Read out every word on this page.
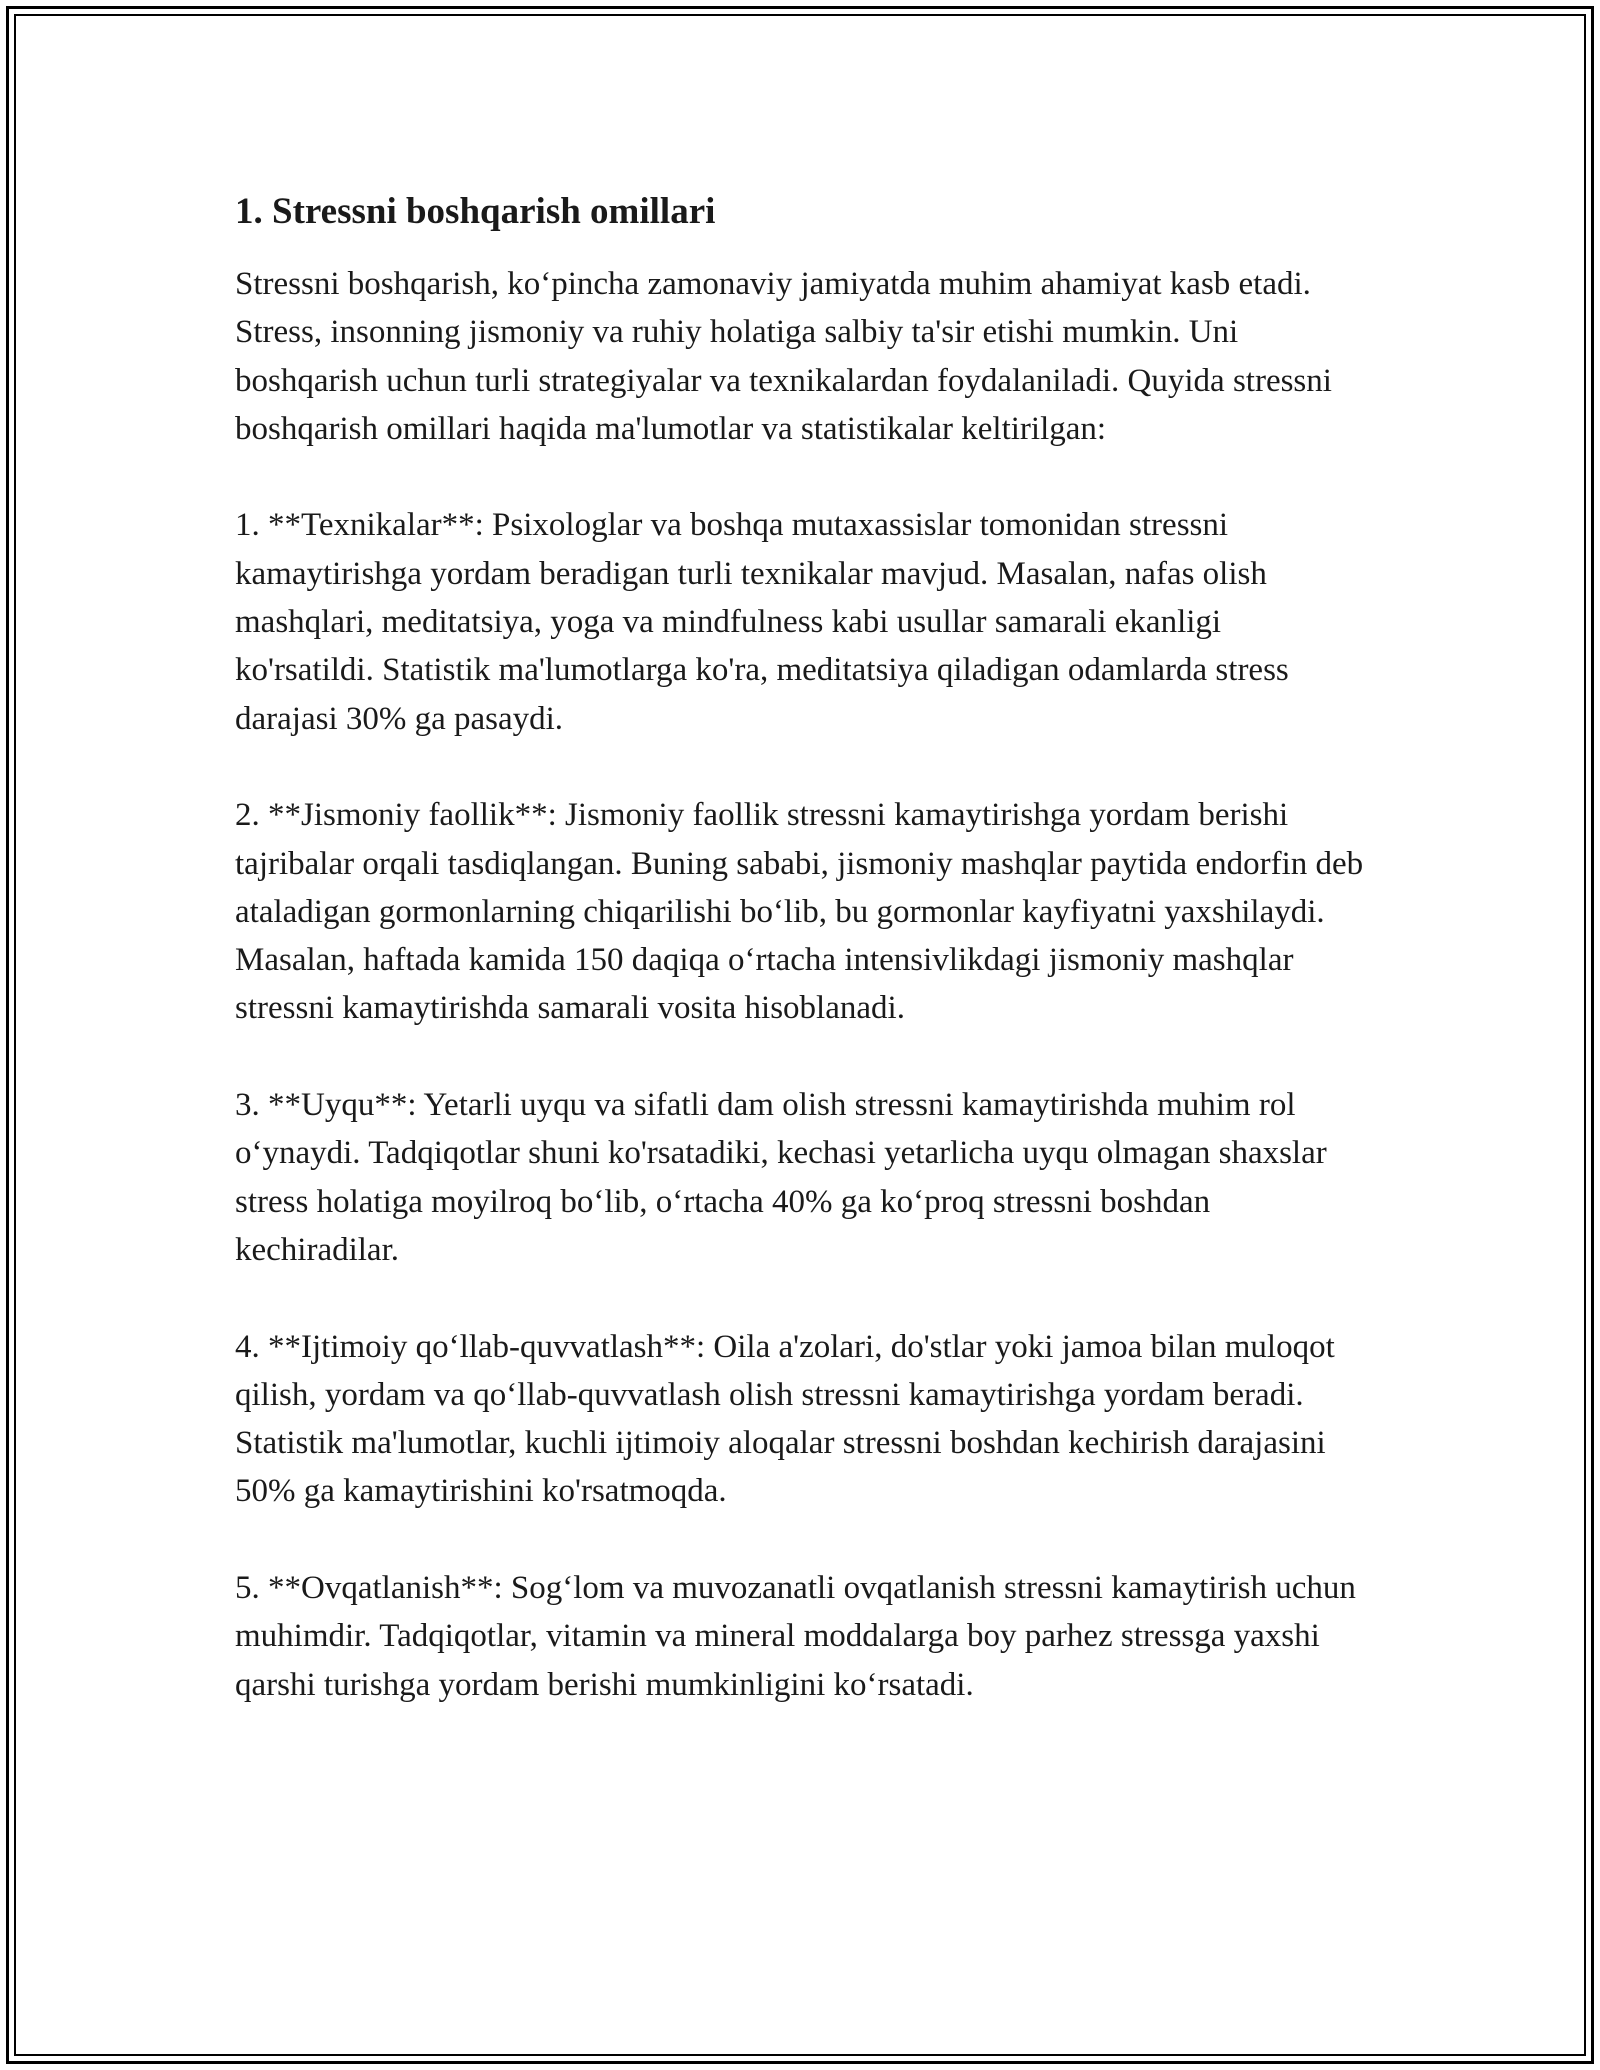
1. Stressni boshqarish omillari

Stressni boshqarish, ko‘pincha zamonaviy jamiyatda muhim ahamiyat kasb etadi. Stress, insonning jismoniy va ruhiy holatiga salbiy ta'sir etishi mumkin. Uni boshqarish uchun turli strategiyalar va texnikalardan foydalaniladi. Quyida stressni boshqarish omillari haqida ma'lumotlar va statistikalar keltirilgan:

1. **Texnikalar**: Psixologlar va boshqa mutaxassislar tomonidan stressni kamaytirishga yordam beradigan turli texnikalar mavjud. Masalan, nafas olish mashqlari, meditatsiya, yoga va mindfulness kabi usullar samarali ekanligi ko'rsatildi. Statistik ma'lumotlarga ko'ra, meditatsiya qiladigan odamlarda stress darajasi 30% ga pasaydi.

2. **Jismoniy faollik**: Jismoniy faollik stressni kamaytirishga yordam berishi tajribalar orqali tasdiqlangan. Buning sababi, jismoniy mashqlar paytida endorfin deb ataladigan gormonlarning chiqarilishi bo‘lib, bu gormonlar kayfiyatni yaxshilaydi. Masalan, haftada kamida 150 daqiqa o‘rtacha intensivlikdagi jismoniy mashqlar stressni kamaytirishda samarali vosita hisoblanadi.

3. **Uyqu**: Yetarli uyqu va sifatli dam olish stressni kamaytirishda muhim rol o‘ynaydi. Tadqiqotlar shuni ko'rsatadiki, kechasi yetarlicha uyqu olmagan shaxslar stress holatiga moyilroq bo‘lib, o‘rtacha 40% ga ko‘proq stressni boshdan kechiradilar.

4. **Ijtimoiy qo‘llab-quvvatlash**: Oila a'zolari, do'stlar yoki jamoa bilan muloqot qilish, yordam va qo‘llab-quvvatlash olish stressni kamaytirishga yordam beradi. Statistik ma'lumotlar, kuchli ijtimoiy aloqalar stressni boshdan kechirish darajasini 50% ga kamaytirishini ko'rsatmoqda.

5. **Ovqatlanish**: Sog‘lom va muvozanatli ovqatlanish stressni kamaytirish uchun muhimdir. Tadqiqotlar, vitamin va mineral moddalarga boy parhez stressga yaxshi qarshi turishga yordam berishi mumkinligini ko‘rsatadi.
